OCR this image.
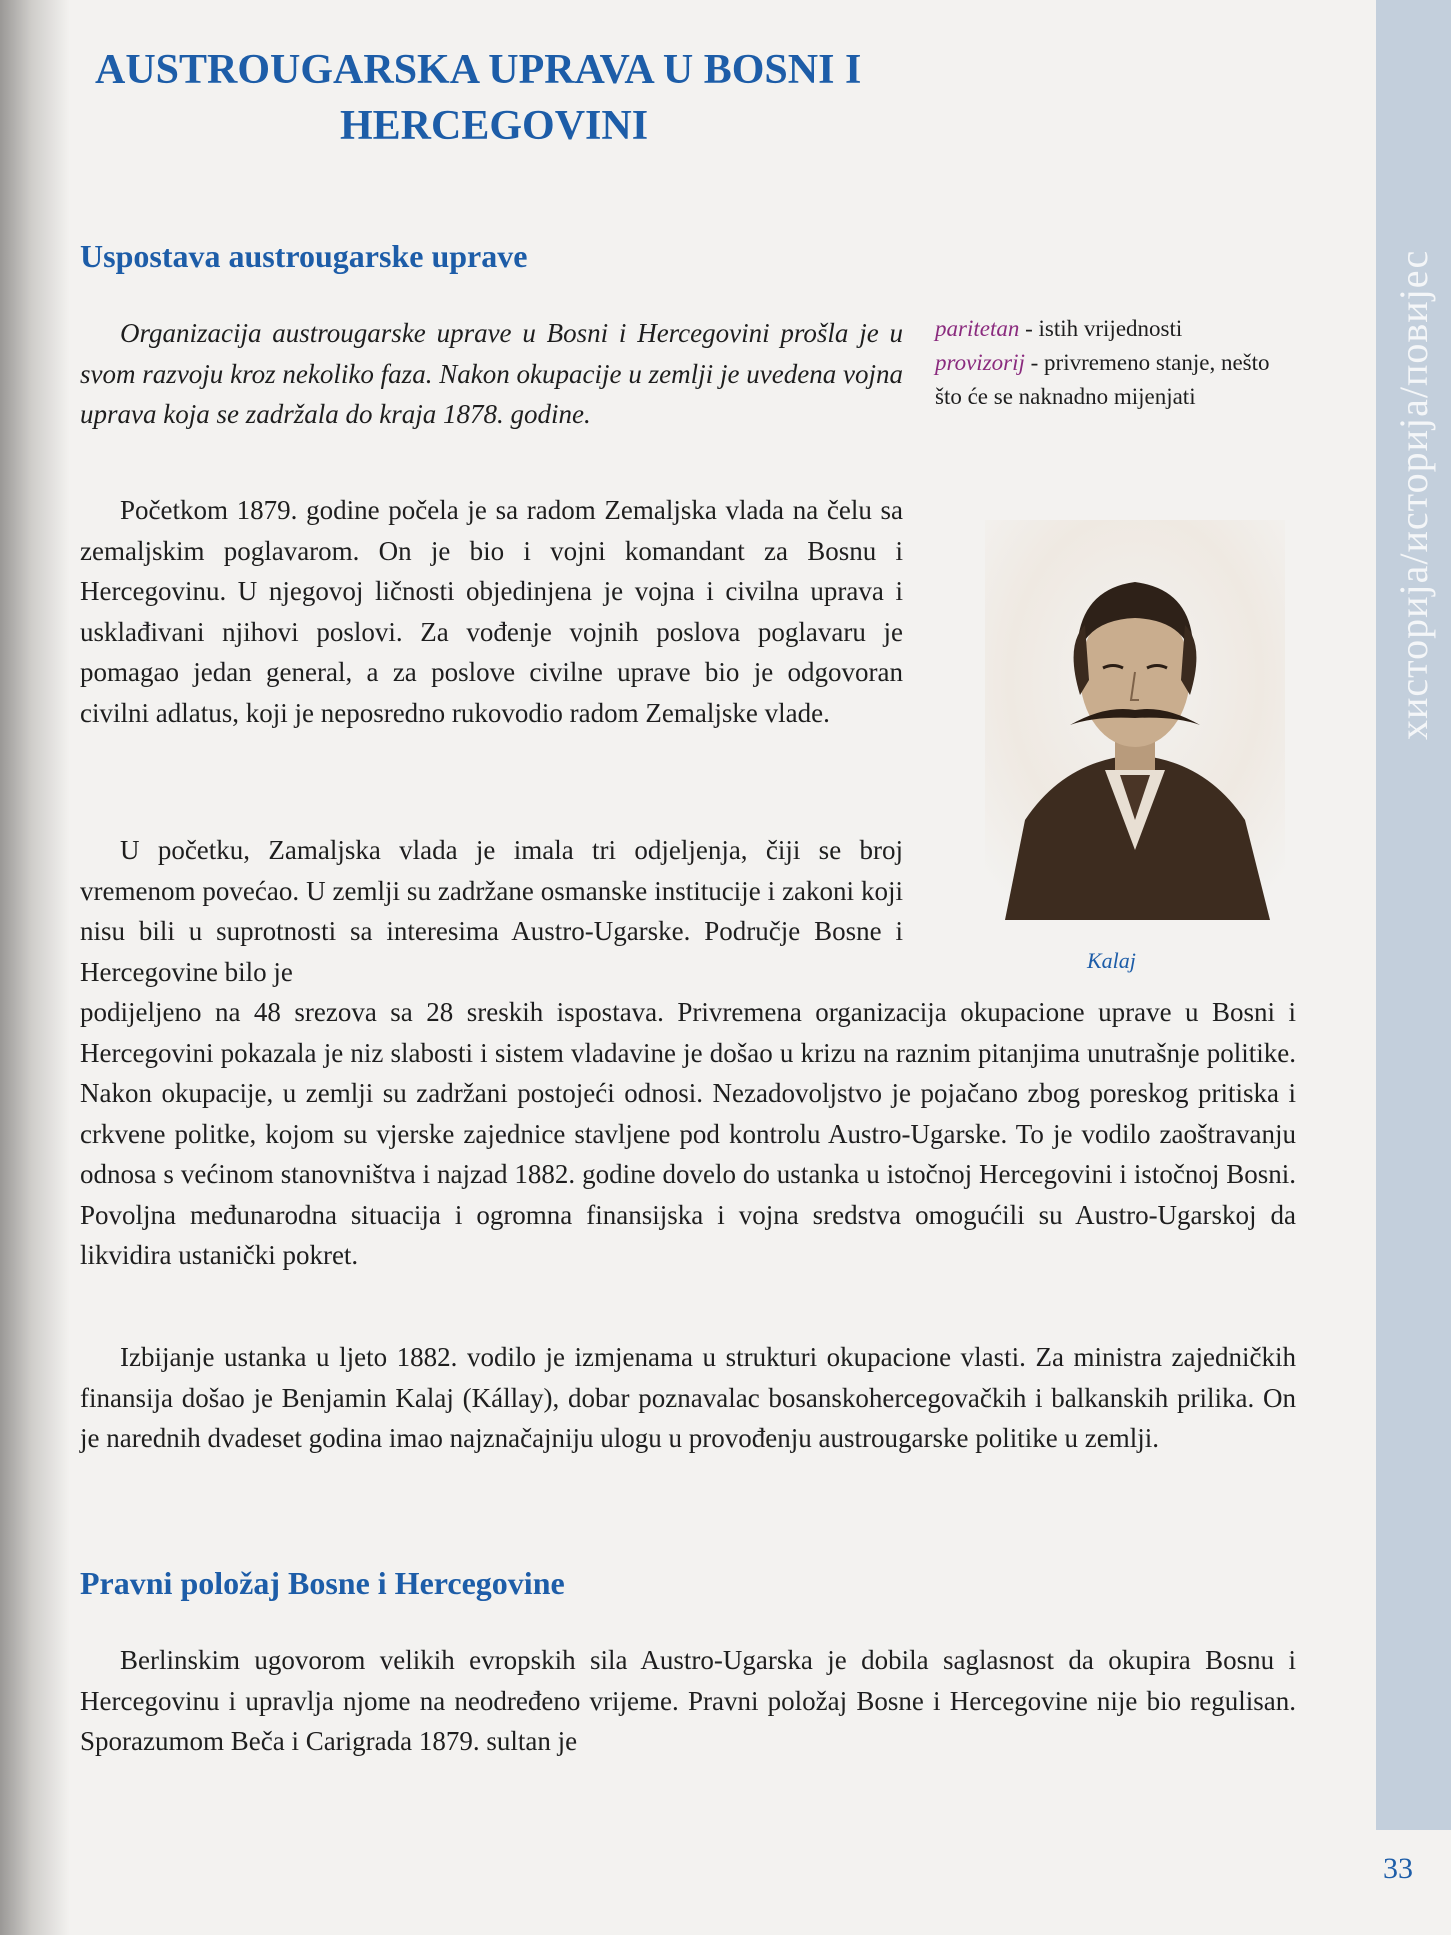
хисторија/историја/повијес
AUSTROUGARSKA UPRAVA U BOSNI I
HERCEGOVINI
Uspostava austrougarske uprave

Organizacija austrougarske uprave u Bosni i Hercegovini prošla je u svom razvoju kroz nekoliko faza. Nakon okupacije u zemlji je uvedena vojna uprava koja se zadržala do kraja 1878. godine.

Početkom 1879. godine počela je sa radom Zemaljska vlada na čelu sa zemaljskim poglavarom. On je bio i vojni komandant za Bosnu i Hercegovinu. U njegovoj ličnosti objedinjena je vojna i civilna uprava i usklađivani njihovi poslovi. Za vođenje vojnih poslova poglavaru je pomagao jedan general, a za poslove civilne uprave bio je odgovoran civilni adlatus, koji je neposredno rukovodio radom Zemaljske vlade.

U početku, Zamaljska vlada je imala tri odjeljenja, čiji se broj vremenom povećao. U zemlji su zadržane osmanske institucije i zakoni koji nisu bili u suprotnosti sa interesima Austro-Ugarske. Područje Bosne i Hercegovine bilo je

podijeljeno na 48 srezova sa 28 sreskih ispostava. Privremena organizacija okupacione uprave u Bosni i Hercegovini pokazala je niz slabosti i sistem vladavine je došao u krizu na raznim pitanjima unutrašnje politike. Nakon okupacije, u zemlji su zadržani postojeći odnosi. Nezadovoljstvo je pojačano zbog poreskog pritiska i crkvene politke, kojom su vjerske zajednice stavljene pod kontrolu Austro-Ugarske. To je vodilo zaoštravanju odnosa s većinom stanovništva i najzad 1882. godine dovelo do ustanka u istočnoj Hercegovini i istočnoj Bosni. Povoljna međunarodna situacija i ogromna finansijska i vojna sredstva omogućili su Austro-Ugarskoj da likvidira ustanički pokret.

Izbijanje ustanka u ljeto 1882. vodilo je izmjenama u strukturi okupacione vlasti. Za ministra zajedničkih finansija došao je Benjamin Kalaj (Kállay), dobar poznavalac bosanskohercegovačkih i balkanskih prilika. On je narednih dvadeset godina imao najznačajniju ulogu u provođenju austrougarske politike u zemlji.

paritetan - istih vrijednosti
provizorij - privremeno stanje, nešto što će se naknadno mijenjati
Kalaj
Pravni položaj Bosne i Hercegovine

Berlinskim ugovorom velikih evropskih sila Austro-Ugarska je dobila saglasnost da okupira Bosnu i Hercegovinu i upravlja njome na neodređeno vrijeme. Pravni položaj Bosne i Hercegovine nije bio regulisan. Sporazumom Beča i Carigrada 1879. sultan je

33
